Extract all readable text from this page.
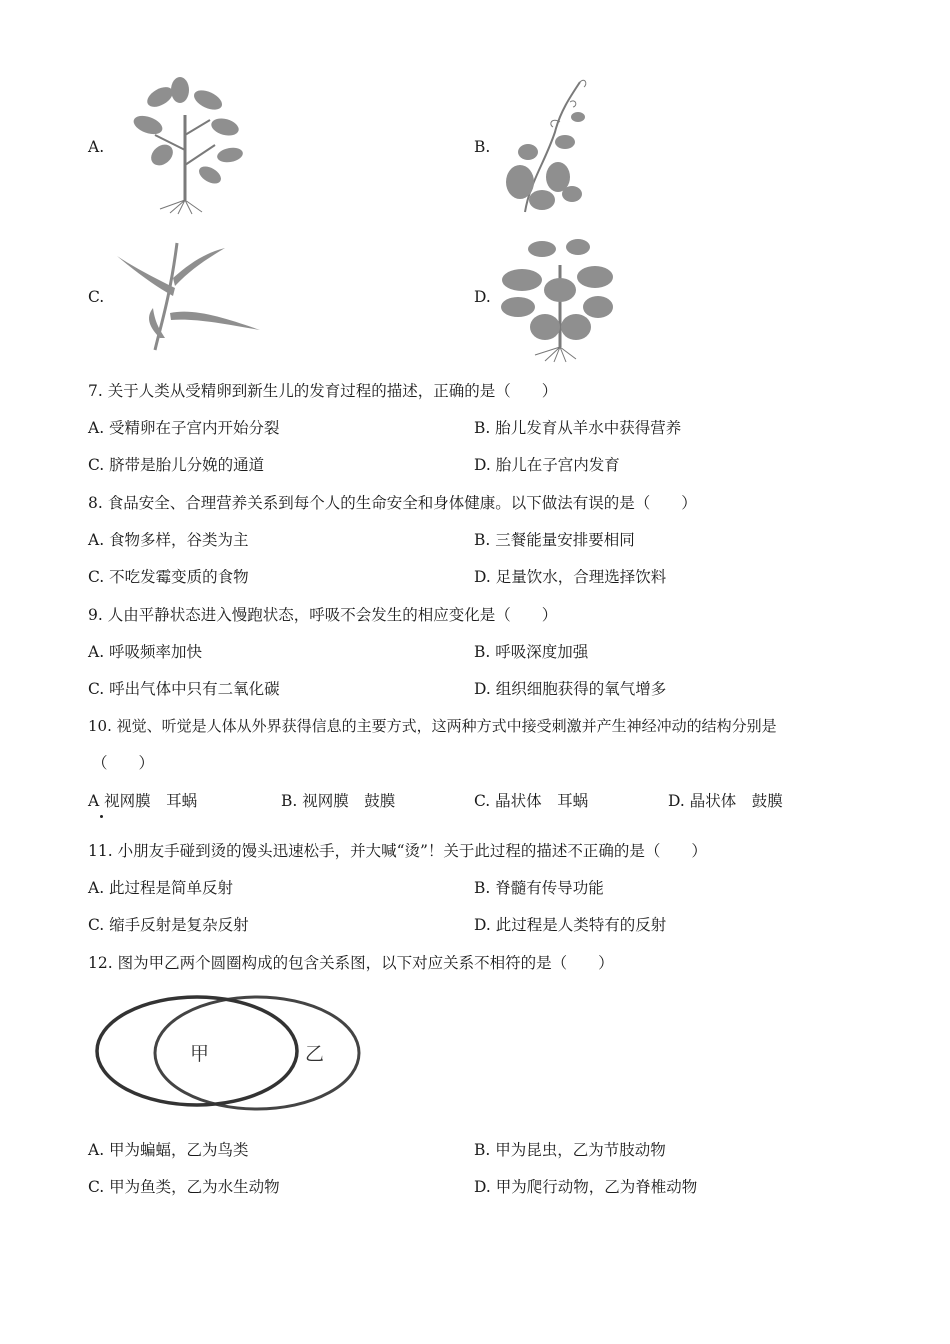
A.	B.
C.	D.
7. 关于人类从受精卵到新生儿的发育过程的描述，正确的是（　　）
A. 受精卵在子宫内开始分裂	B. 胎儿发育从羊水中获得营养
C. 脐带是胎儿分娩的通道	D. 胎儿在子宫内发育
8. 食品安全、合理营养关系到每个人的生命安全和身体健康。以下做法有误的是（　　）
A. 食物多样，谷类为主	B. 三餐能量安排要相同
C. 不吃发霉变质的食物	D. 足量饮水，合理选择饮料
9. 人由平静状态进入慢跑状态，呼吸不会发生的相应变化是（　　）
A. 呼吸频率加快	B. 呼吸深度加强
C. 呼出气体中只有二氧化碳	D. 组织细胞获得的氧气增多
10. 视觉、听觉是人体从外界获得信息的主要方式，这两种方式中接受刺激并产生神经冲动的结构分别是
（　　）
A 视网膜　耳蜗	B. 视网膜　鼓膜	C. 晶状体　耳蜗	D. 晶状体　鼓膜
11. 小朋友手碰到烫的馒头迅速松手，并大喊“烫”！关于此过程的描述不正确的是（　　）
A. 此过程是简单反射	B. 脊髓有传导功能
C. 缩手反射是复杂反射	D. 此过程是人类特有的反射
12. 图为甲乙两个圆圈构成的包含关系图，以下对应关系不相符的是（　　）
甲	乙
A. 甲为蝙蝠，乙为鸟类	B. 甲为昆虫，乙为节肢动物
C. 甲为鱼类，乙为水生动物	D. 甲为爬行动物，乙为脊椎动物
